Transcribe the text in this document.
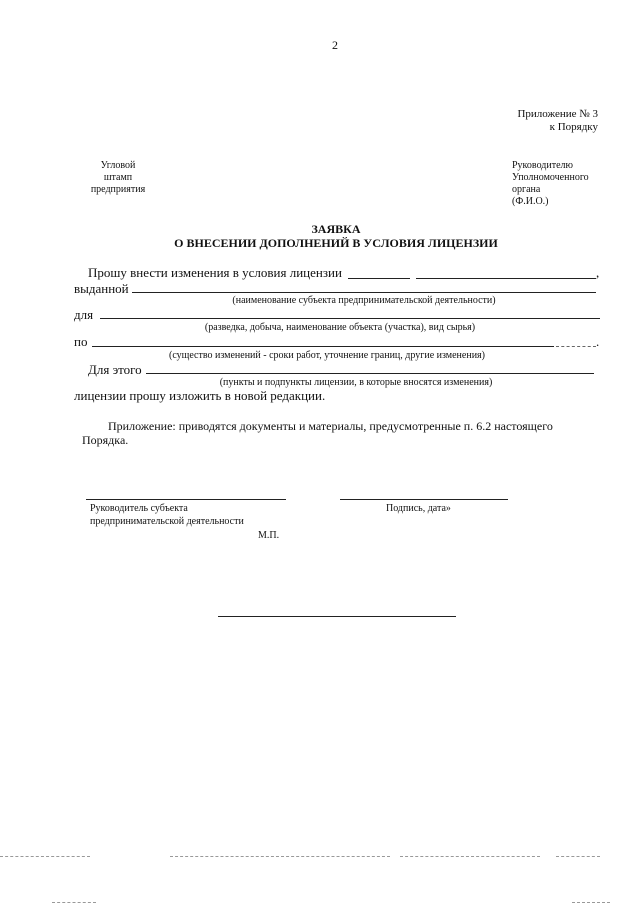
2
Приложение № 3
к Порядку
Угловой
штамп
предприятия
Руководителю
Уполномоченного
органа
(Ф.И.О.)
ЗАЯВКА
О ВНЕСЕНИИ ДОПОЛНЕНИЙ В УСЛОВИЯ ЛИЦЕНЗИИ
Прошу внести изменения в условия лицензии	,
выданной
(наименование субъекта предпринимательской деятельности)
для
(разведка, добыча, наименование объекта (участка), вид сырья)
по	.
(существо изменений - сроки работ, уточнение границ, другие изменения)
Для этого
(пункты и подпункты лицензии, в которые вносятся изменения)
лицензии прошу изложить в новой редакции.
Приложение: приводятся документы и материалы, предусмотренные п. 6.2 настоящего
Порядка.
Руководитель субъекта
предпринимательской деятельности
Подпись, дата»
М.П.
